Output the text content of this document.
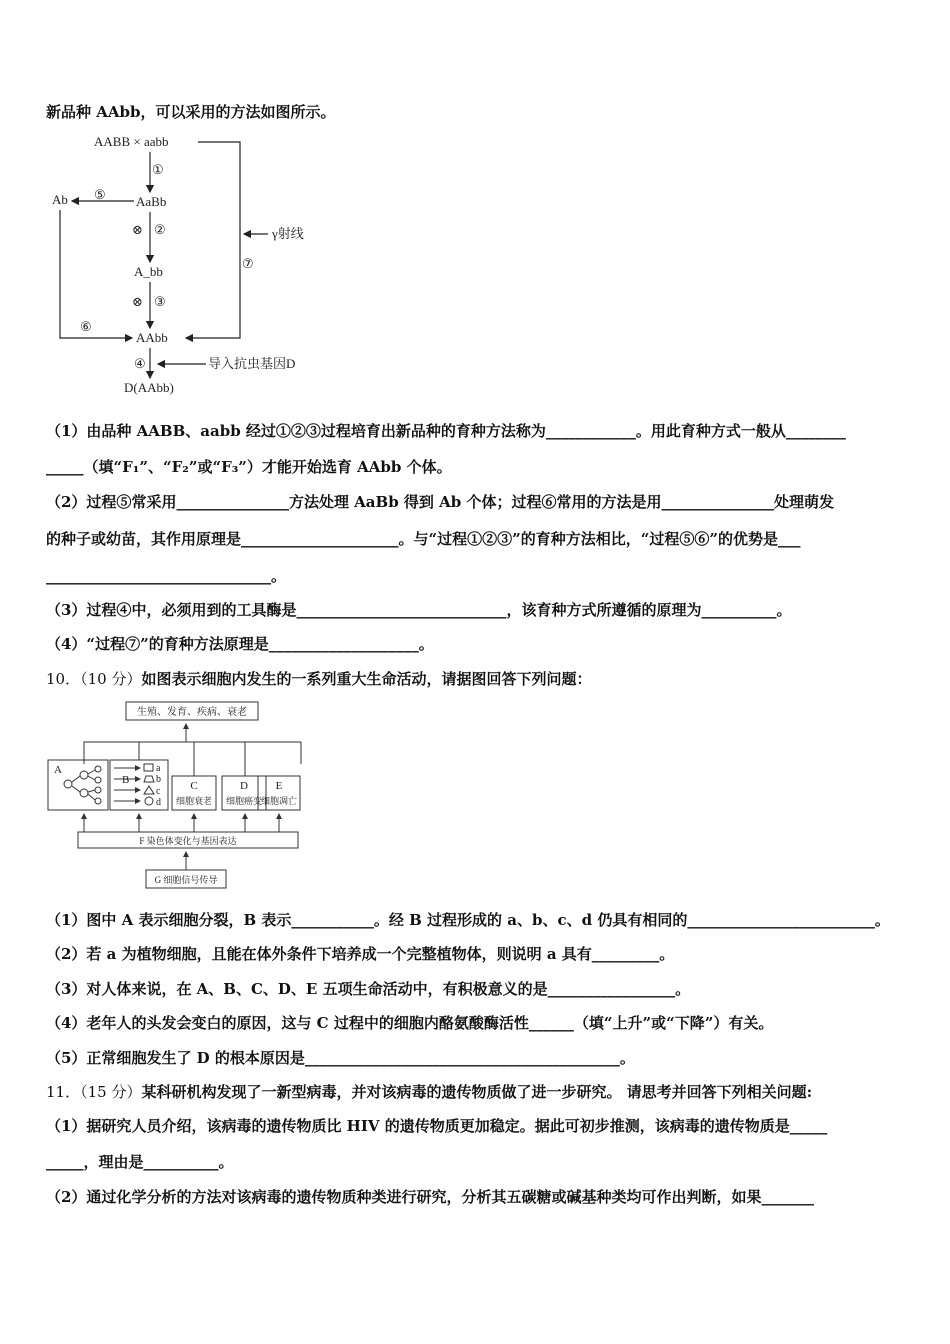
新品种 AAbb，可以采用的方法如图所示。
AABB × aabb
①
AaBb
Ab ⑤
⊗ ②
A_bb
⊗ ③
⑥
AAbb
④	导入抗虫基因D
D(AAbb)
γ射线
⑦
（1）由品种 AABB、aabb 经过①②③过程培育出新品种的育种方法称为____________。用此育种方式一般从________
_____（填“F₁”、“F₂”或“F₃”）才能开始选育 AAbb 个体。
（2）过程⑤常采用_______________方法处理 AaBb 得到 Ab 个体；过程⑥常用的方法是用_______________处理萌发
的种子或幼苗，其作用原理是_____________________。与“过程①②③”的育种方法相比，“过程⑤⑥”的优势是___
______________________________。
（3）过程④中，必须用到的工具酶是____________________________，该育种方式所遵循的原理为__________。
（4）“过程⑦”的育种方法原理是____________________。
10．（10 分）如图表示细胞内发生的一系列重大生命活动，请据图回答下列问题：
生殖、发育、疾病、衰老
A
B
a
b
c
d
C
细胞衰老
D
细胞癌变
E
细胞凋亡
F 染色体变化与基因表达
G 细胞信号传导
（1）图中 A 表示细胞分裂，B 表示___________。经 B 过程形成的 a、b、c、d 仍具有相同的_________________________。
（2）若 a 为植物细胞，且能在体外条件下培养成一个完整植物体，则说明 a 具有_________。
（3）对人体来说，在 A、B、C、D、E 五项生命活动中，有积极意义的是_________________。
（4）老年人的头发会变白的原因，这与 C 过程中的细胞内酪氨酸酶活性______（填“上升”或“下降”）有关。
（5）正常细胞发生了 D 的根本原因是__________________________________________。
11．（15 分）某科研机构发现了一新型病毒，并对该病毒的遗传物质做了进一步研究。 请思考并回答下列相关问题:
（1）据研究人员介绍，该病毒的遗传物质比 HIV 的遗传物质更加稳定。据此可初步推测，该病毒的遗传物质是_____
_____，理由是__________。
（2）通过化学分析的方法对该病毒的遗传物质种类进行研究，分析其五碳糖或碱基种类均可作出判断，如果_______
